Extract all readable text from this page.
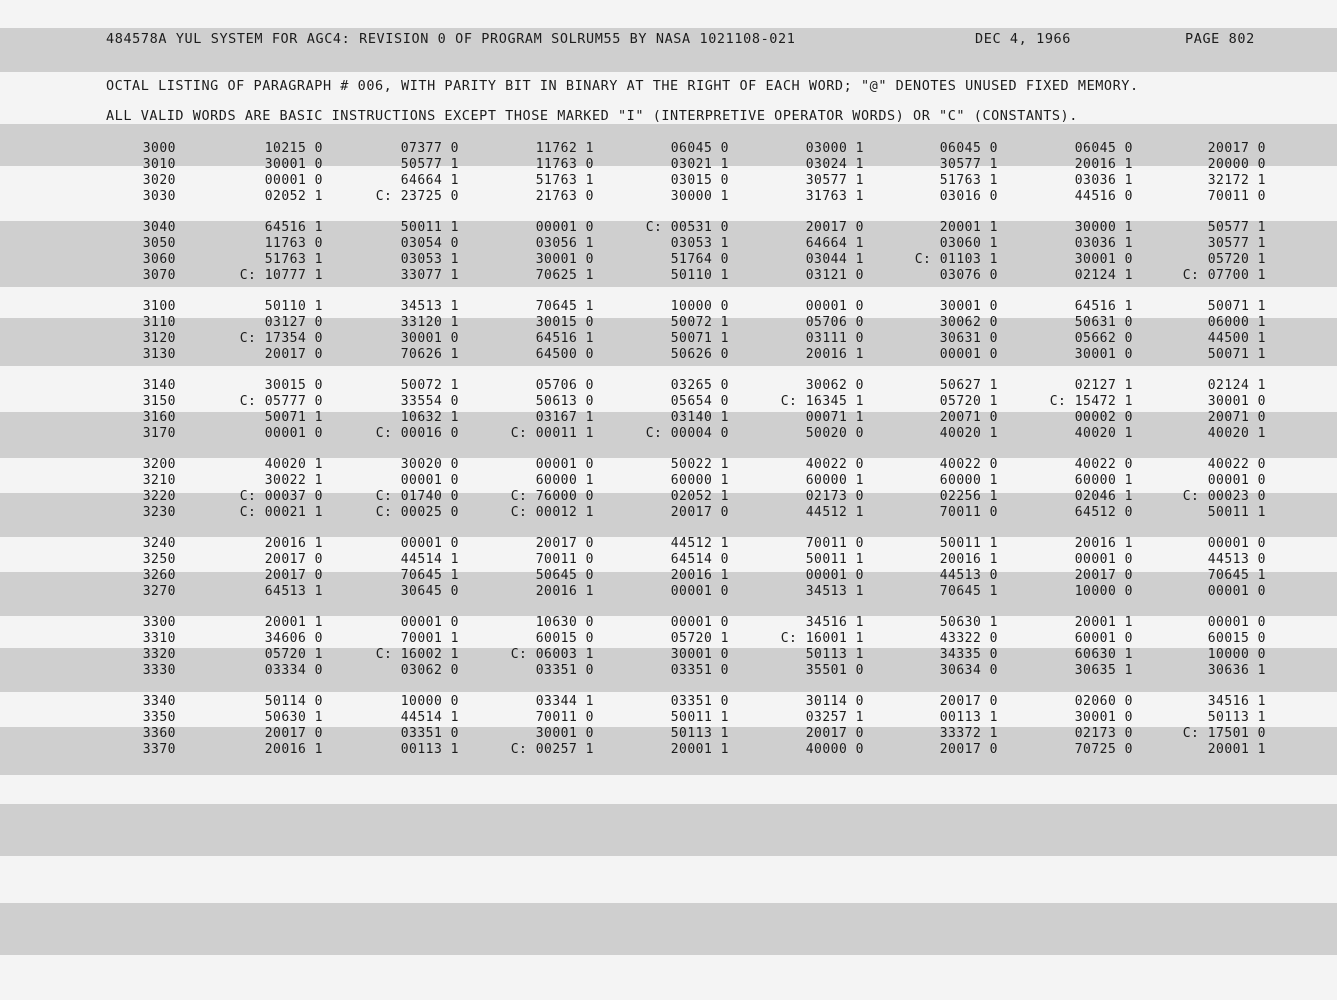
484578A YUL SYSTEM FOR AGC4: REVISION 0 OF PROGRAM SOLRUM55 BY NASA 1021108-021	DEC 4, 1966	PAGE 802
OCTAL LISTING OF PARAGRAPH # 006, WITH PARITY BIT IN BINARY AT THE RIGHT OF EACH WORD; "@" DENOTES UNUSED FIXED MEMORY.
ALL VALID WORDS ARE BASIC INSTRUCTIONS EXCEPT THOSE MARKED "I" (INTERPRETIVE OPERATOR WORDS) OR "C" (CONSTANTS).
3000	10215 0	07377 0	11762 1	06045 0	03000 1	06045 0	06045 0	20017 0
3010	30001 0	50577 1	11763 0	03021 1	03024 1	30577 1	20016 1	20000 0
3020	00001 0	64664 1	51763 1	03015 0	30577 1	51763 1	03036 1	32172 1
3030	02052 1	C: 23725 0	21763 0	30000 1	31763 1	03016 0	44516 0	70011 0
3040	64516 1	50011 1	00001 0	C: 00531 0	20017 0	20001 1	30000 1	50577 1
3050	11763 0	03054 0	03056 1	03053 1	64664 1	03060 1	03036 1	30577 1
3060	51763 1	03053 1	30001 0	51764 0	03044 1	C: 01103 1	30001 0	05720 1
3070	C: 10777 1	33077 1	70625 1	50110 1	03121 0	03076 0	02124 1	C: 07700 1
3100	50110 1	34513 1	70645 1	10000 0	00001 0	30001 0	64516 1	50071 1
3110	03127 0	33120 1	30015 0	50072 1	05706 0	30062 0	50631 0	06000 1
3120	C: 17354 0	30001 0	64516 1	50071 1	03111 0	30631 0	05662 0	44500 1
3130	20017 0	70626 1	64500 0	50626 0	20016 1	00001 0	30001 0	50071 1
3140	30015 0	50072 1	05706 0	03265 0	30062 0	50627 1	02127 1	02124 1
3150	C: 05777 0	33554 0	50613 0	05654 0	C: 16345 1	05720 1	C: 15472 1	30001 0
3160	50071 1	10632 1	03167 1	03140 1	00071 1	20071 0	00002 0	20071 0
3170	00001 0	C: 00016 0	C: 00011 1	C: 00004 0	50020 0	40020 1	40020 1	40020 1
3200	40020 1	30020 0	00001 0	50022 1	40022 0	40022 0	40022 0	40022 0
3210	30022 1	00001 0	60000 1	60000 1	60000 1	60000 1	60000 1	00001 0
3220	C: 00037 0	C: 01740 0	C: 76000 0	02052 1	02173 0	02256 1	02046 1	C: 00023 0
3230	C: 00021 1	C: 00025 0	C: 00012 1	20017 0	44512 1	70011 0	64512 0	50011 1
3240	20016 1	00001 0	20017 0	44512 1	70011 0	50011 1	20016 1	00001 0
3250	20017 0	44514 1	70011 0	64514 0	50011 1	20016 1	00001 0	44513 0
3260	20017 0	70645 1	50645 0	20016 1	00001 0	44513 0	20017 0	70645 1
3270	64513 1	30645 0	20016 1	00001 0	34513 1	70645 1	10000 0	00001 0
3300	20001 1	00001 0	10630 0	00001 0	34516 1	50630 1	20001 1	00001 0
3310	34606 0	70001 1	60015 0	05720 1	C: 16001 1	43322 0	60001 0	60015 0
3320	05720 1	C: 16002 1	C: 06003 1	30001 0	50113 1	34335 0	60630 1	10000 0
3330	03334 0	03062 0	03351 0	03351 0	35501 0	30634 0	30635 1	30636 1
3340	50114 0	10000 0	03344 1	03351 0	30114 0	20017 0	02060 0	34516 1
3350	50630 1	44514 1	70011 0	50011 1	03257 1	00113 1	30001 0	50113 1
3360	20017 0	03351 0	30001 0	50113 1	20017 0	33372 1	02173 0	C: 17501 0
3370	20016 1	00113 1	C: 00257 1	20001 1	40000 0	20017 0	70725 0	20001 1
